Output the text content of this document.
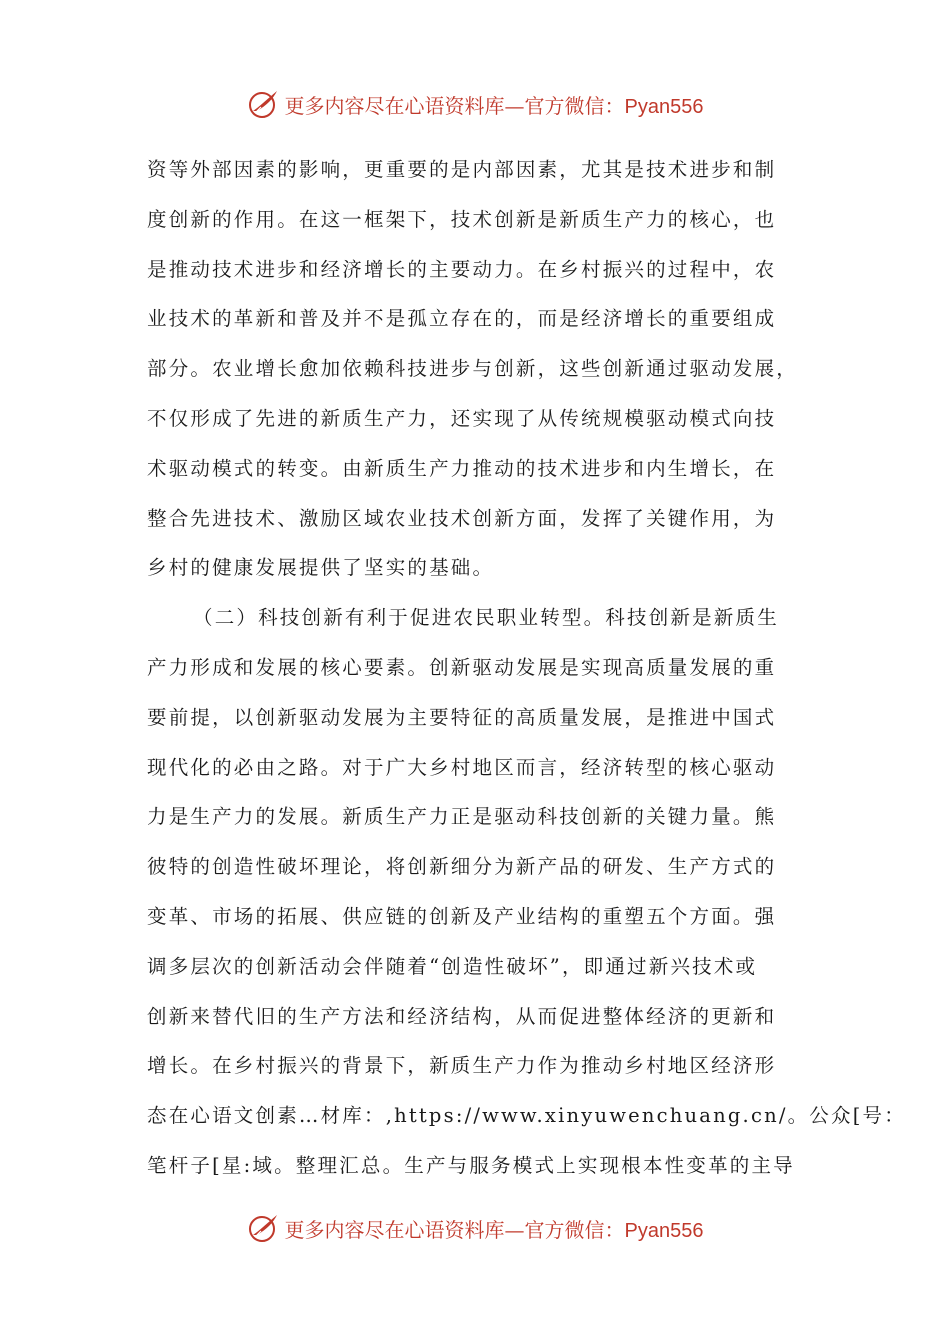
更多内容尽在心语资料库—官方微信：Pyan556
资等外部因素的影响，更重要的是内部因素，尤其是技术进步和制
度创新的作用。在这一框架下，技术创新是新质生产力的核心，也
是推动技术进步和经济增长的主要动力。在乡村振兴的过程中，农
业技术的革新和普及并不是孤立存在的，而是经济增长的重要组成
部分。农业增长愈加依赖科技进步与创新，这些创新通过驱动发展，
不仅形成了先进的新质生产力，还实现了从传统规模驱动模式向技
术驱动模式的转变。由新质生产力推动的技术进步和内生增长，在
整合先进技术、激励区域农业技术创新方面，发挥了关键作用，为
乡村的健康发展提供了坚实的基础。
（二）科技创新有利于促进农民职业转型。科技创新是新质生
产力形成和发展的核心要素。创新驱动发展是实现高质量发展的重
要前提，以创新驱动发展为主要特征的高质量发展，是推进中国式
现代化的必由之路。对于广大乡村地区而言，经济转型的核心驱动
力是生产力的发展。新质生产力正是驱动科技创新的关键力量。熊
彼特的创造性破坏理论，将创新细分为新产品的研发、生产方式的
变革、市场的拓展、供应链的创新及产业结构的重塑五个方面。强
调多层次的创新活动会伴随着“创造性破坏”，即通过新兴技术或
创新来替代旧的生产方法和经济结构，从而促进整体经济的更新和
增长。在乡村振兴的背景下，新质生产力作为推动乡村地区经济形
态在心语文创素…材库：,https://www.xinyuwenchuang.cn/。公众[号：
笔杆子[星:域。整理汇总。生产与服务模式上实现根本性变革的主导
更多内容尽在心语资料库—官方微信：Pyan556
